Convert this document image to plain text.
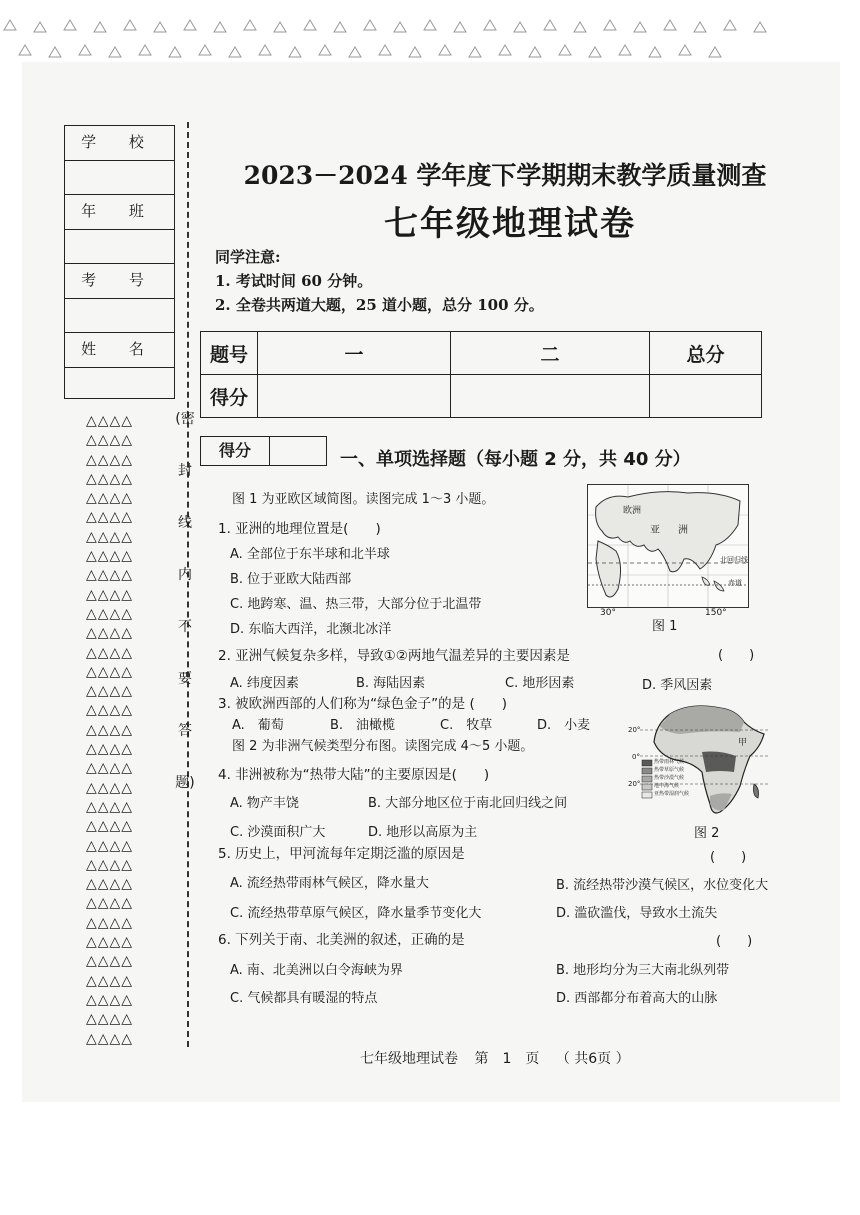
学 校
年 班
考 号
姓 名
(密
封
线
内
不
要
答
题)
△△△△
△△△△
△△△△
△△△△
△△△△
△△△△
△△△△
△△△△
△△△△
△△△△
△△△△
△△△△
△△△△
△△△△
△△△△
△△△△
△△△△
△△△△
△△△△
△△△△
△△△△
△△△△
△△△△
△△△△
△△△△
△△△△
△△△△
△△△△
△△△△
△△△△
△△△△
△△△△
△△△△
2023－2024 学年度下学期期末教学质量测查
七年级地理试卷
同学注意:
1. 考试时间 60 分钟。
2. 全卷共两道大题，25 道小题，总分 100 分。
题号	一	二	总分
得分			
得分	一、单项选择题（每小题 2 分，共 40 分）
图 1 为亚欧区域简图。读图完成 1～3 小题。
1. 亚洲的地理位置是(　　)
A. 全部位于东半球和北半球
B. 位于亚欧大陆西部
C. 地跨寒、温、热三带，大部分位于北温带
D. 东临大西洋，北濒北冰洋
2. 亚洲气候复杂多样，导致①②两地气温差异的主要因素是	(　　)
A. 纬度因素	B. 海陆因素	C. 地形因素	D. 季风因素
3. 被欧洲西部的人们称为“绿色金子”的是 (　　)
A.　葡萄	B.　油橄榄	C.　牧草	D.　小麦
图 2 为非洲气候类型分布图。读图完成 4～5 小题。
4. 非洲被称为“热带大陆”的主要原因是(　　)
A. 物产丰饶	B. 大部分地区位于南北回归线之间
C. 沙漠面积广大	D. 地形以高原为主
5. 历史上，甲河流每年定期泛滥的原因是	(　　)
A. 流经热带雨林气候区，降水量大	B. 流经热带沙漠气候区，水位变化大
C. 流经热带草原气候区，降水量季节变化大	D. 滥砍滥伐，导致水土流失
6. 下列关于南、北美洲的叙述，正确的是	(　　)
A. 南、北美洲以白令海峡为界	B. 地形均分为三大南北纵列带
C. 气候都具有暖湿的特点	D. 西部都分布着高大的山脉
欧洲
亚 洲
北回归线
赤道
30°	150°
图 1
热带雨林气候
热带草原气候
热带沙漠气候
地中海气候
亚热带湿润气候
甲
20°
0°
20°
图 2
七年级地理试卷 第　1　页 （ 共6页 ）
